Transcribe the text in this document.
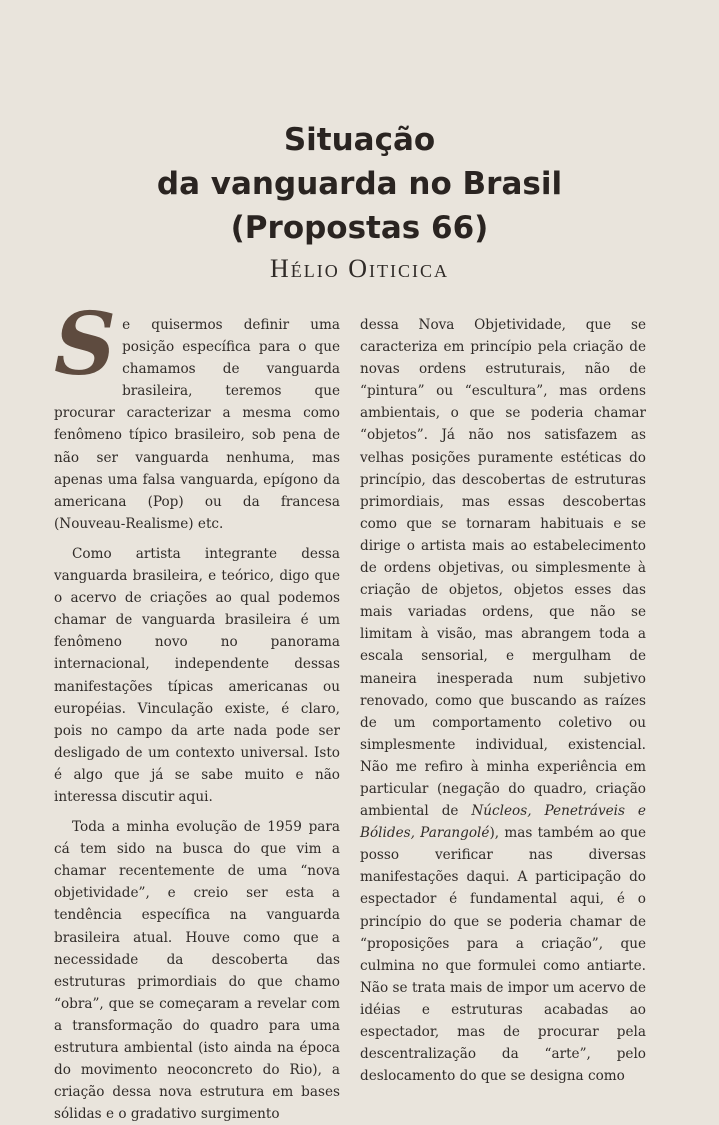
Situação
da vanguarda no Brasil
(Propostas 66)
Hélio Oiticica

Se quisermos definir uma posição específica para o que chamamos de vanguarda brasileira, teremos que procurar caracterizar a mesma como fenômeno típico brasileiro, sob pena de não ser vanguarda nenhuma, mas apenas uma falsa vanguarda, epígono da americana (Pop) ou da francesa (Nouveau-Realisme) etc.

Como artista integrante dessa vanguarda brasileira, e teórico, digo que o acervo de criações ao qual podemos chamar de vanguarda brasileira é um fenômeno novo no panorama internacional, independente dessas manifestações típicas americanas ou européias. Vinculação existe, é claro, pois no campo da arte nada pode ser desligado de um contexto universal. Isto é algo que já se sabe muito e não interessa discutir aqui.

Toda a minha evolução de 1959 para cá tem sido na busca do que vim a chamar recentemente de uma “nova objetividade”, e creio ser esta a tendência específica na vanguarda brasileira atual. Houve como que a necessidade da descoberta das estruturas primordiais do que chamo “obra”, que se começaram a revelar com a transformação do quadro para uma estrutura ambiental (isto ainda na época do movimento neoconcreto do Rio), a criação dessa nova estrutura em bases sólidas e o gradativo surgimento

dessa Nova Objetividade, que se caracteriza em princípio pela criação de novas ordens estruturais, não de “pintura” ou “escultura”, mas ordens ambientais, o que se poderia chamar “objetos”. Já não nos satisfazem as velhas posições puramente estéticas do princípio, das descobertas de estruturas primordiais, mas essas descobertas como que se tornaram habituais e se dirige o artista mais ao estabelecimento de ordens objetivas, ou simplesmente à criação de objetos, objetos esses das mais variadas ordens, que não se limitam à visão, mas abrangem toda a escala sensorial, e mergulham de maneira inesperada num subjetivo renovado, como que buscando as raízes de um comportamento coletivo ou simplesmente individual, existencial. Não me refiro à minha experiência em particular (negação do quadro, criação ambiental de Núcleos, Penetráveis e Bólides, Parangolé), mas também ao que posso verificar nas diversas manifestações daqui. A participação do espectador é fundamental aqui, é o princípio do que se poderia chamar de “proposições para a criação”, que culmina no que formulei como antiarte. Não se trata mais de impor um acervo de idéias e estruturas acabadas ao espectador, mas de procurar pela descentralização da “arte”, pelo deslocamento do que se designa como
